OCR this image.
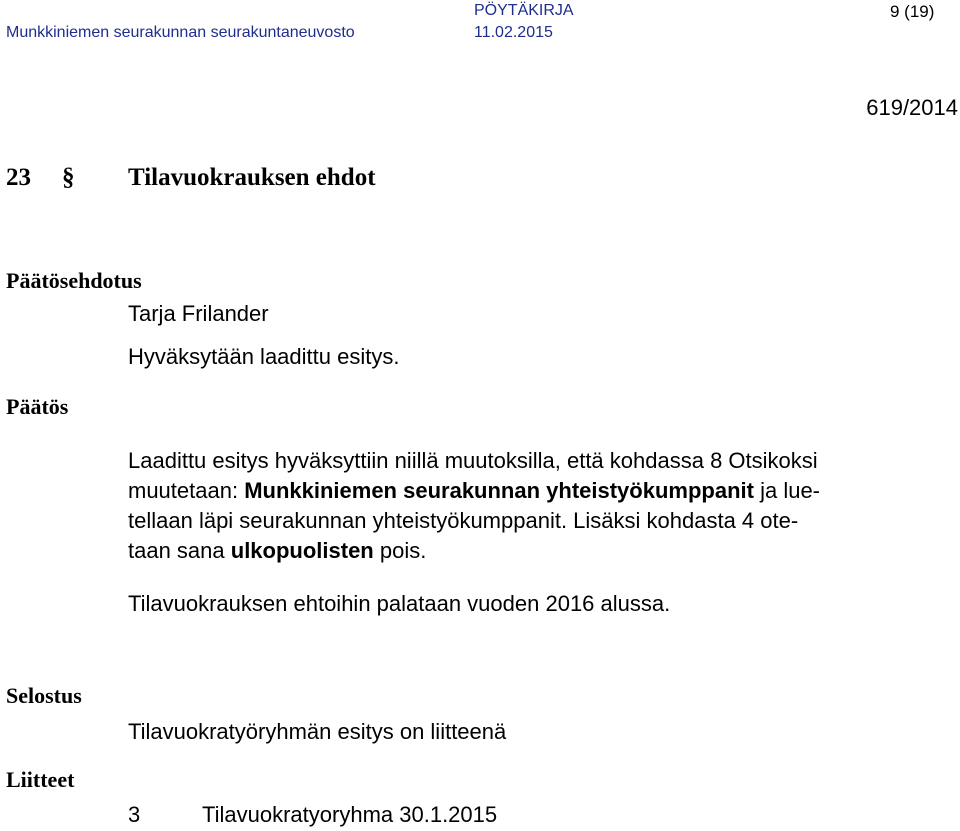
Munkkiniemen seurakunnan seurakuntaneuvosto
PÖYTÄKIRJA
11.02.2015
9 (19)
619/2014
23 § Tilavuokrauksen ehdot
Päätösehdotus
Tarja Frilander
Hyväksytään laadittu esitys.
Päätös

Laadittu esitys hyväksyttiin niillä muutoksilla, että kohdassa 8 Otsikoksi

muutetaan: Munkkiniemen seurakunnan yhteistyökumppanit ja lue-

tellaan läpi seurakunnan yhteistyökumppanit. Lisäksi kohdasta 4 ote-

taan sana ulkopuolisten pois.

Tilavuokrauksen ehtoihin palataan vuoden 2016 alussa.
Selostus
Tilavuokratyöryhmän esitys on liitteenä
Liitteet
3	Tilavuokratyoryhma 30.1.2015
